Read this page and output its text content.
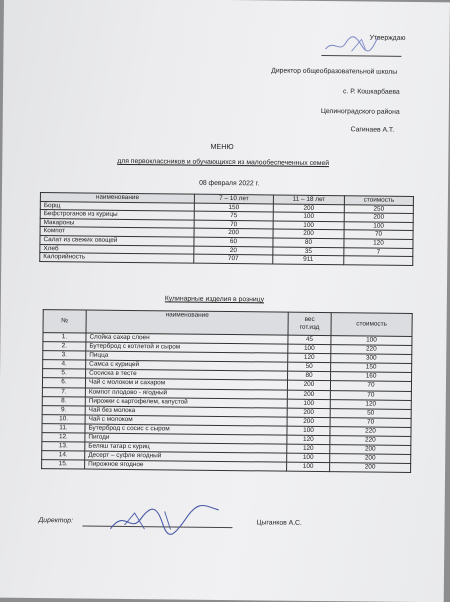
Утверждаю
Директор общеобразовательной школы
с. Р. Кошкарбаева
Целиноградского района
Сагинаев А.Т.
МЕНЮ
для первоклассников и обучающихся из малообеспеченных семей
08 февраля 2022 г.
наименование	7 – 10 лет	11 – 18 лет	стоимость
Борщ	150	200	250
Бефстроганов из курицы	75	100	200
Макароны	70	100	100
Компот	200	200	70
Салат из свежих овощей	60	80	120
Хлеб	20	35	7
Калорийность	707	911	
Кулинарные изделия в розницу
№	наименование	вес
гот.изд	стоимость
1.	Слойка сахар слоен	45	100
2.	Бутерброд с котлетой и сыром	100	220
3.	Пицца	120	300
4.	Самса с курицей	50	150
5.	Сосиска в тесте	80	160
6.	Чай с молоком и сахаром	200	70
7.	Компот плодово - ягодный	200	70
8.	Пирожки с картофелем, капустой	100	120
9.	Чай без молока	200	50
10.	Чай с молоком	200	70
11.	Бутерброд с сосис с сыром	100	220
12.	Пигоди	120	220
13.	Беляш татар с куриц	120	200
14.	Десерт – суфле ягодный	100	200
15.	Пирожное ягодное	100	200
Директор:	Цыганков А.С.
